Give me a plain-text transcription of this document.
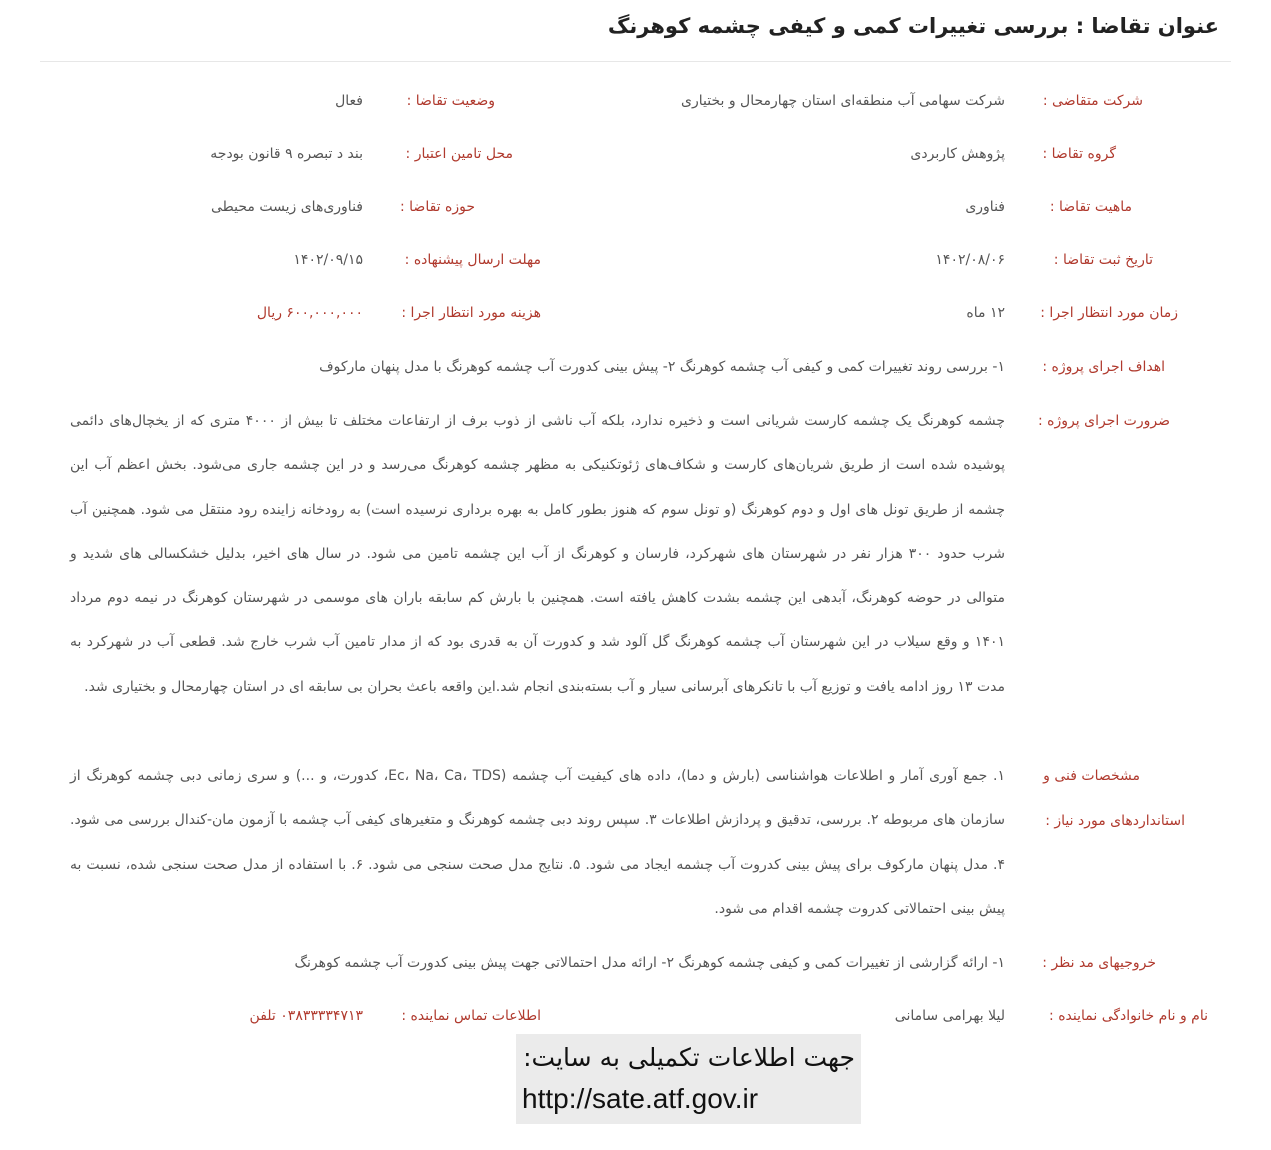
عنوان تقاضا : بررسی تغییرات کمی و کیفی چشمه کوهرنگ
شرکت متقاضی :
شرکت سهامی آب منطقه‌ای استان چهارمحال و بختیاری
وضعیت تقاضا :
فعال
گروه تقاضا :
پژوهش کاربردی
محل تامین اعتبار :
بند د تبصره ۹ قانون بودجه
ماهیت تقاضا :
فناوری
حوزه تقاضا :
فناوری‌های زیست محیطی
تاریخ ثبت تقاضا :
۱۴۰۲/۰۸/۰۶
مهلت ارسال پیشنهاده :
۱۴۰۲/۰۹/۱۵
زمان مورد انتظار اجرا :
۱۲ ماه
هزینه مورد انتظار اجرا :
۶۰۰,۰۰۰,۰۰۰ ریال
اهداف اجرای پروژه :
۱- بررسی روند تغییرات کمی و کیفی آب چشمه کوهرنگ ۲- پیش بینی کدورت آب چشمه کوهرنگ با مدل پنهان مارکوف
ضرورت اجرای پروژه :
چشمه کوهرنگ یک چشمه کارست شریانی است و ذخیره ندارد، بلکه آب ناشی از ذوب برف از ارتفاعات مختلف تا بیش از ۴۰۰۰ متری که از یخچال‌های دائمی پوشیده شده است از طریق شریان‌های کارست و شکاف‌های ژئوتکنیکی به مظهر چشمه کوهرنگ می‌رسد و در این چشمه جاری می‌شود. بخش اعظم آب این چشمه از طریق تونل های اول و دوم کوهرنگ (و تونل سوم که هنوز بطور کامل به بهره برداری نرسیده است) به رودخانه زاینده رود منتقل می شود. همچنین آب شرب حدود ۳۰۰ هزار نفر در شهرستان های شهرکرد، فارسان و کوهرنگ از آب این چشمه تامین می شود. در سال های اخیر، بدلیل خشکسالی های شدید و متوالی در حوضه کوهرنگ، آبدهی این چشمه بشدت کاهش یافته است. همچنین با بارش کم سابقه باران های موسمی در شهرستان کوهرنگ در نیمه دوم مرداد ۱۴۰۱ و وقع سیلاب در این شهرستان آب چشمه کوهرنگ گل آلود شد و کدورت آن به قدری بود که از مدار تامین آب شرب خارج شد. قطعی آب در شهرکرد به مدت ۱۳ روز ادامه یافت و توزیع آب با تانکرهای آبرسانی سیار و آب بسته‌بندی انجام شد.این واقعه باعث بحران بی سابقه ای در استان چهارمحال و بختیاری شد.
مشخصات فنی و
استانداردهای مورد نیاز :
۱. جمع آوری آمار و اطلاعات هواشناسی (بارش و دما)، داده های کیفیت آب چشمه (Ec، Na، Ca، TDS، کدورت، و ...) و سری زمانی دبی چشمه کوهرنگ از سازمان های مربوطه ۲. بررسی، تدقیق و پردازش اطلاعات ۳. سپس روند دبی چشمه کوهرنگ و متغیرهای کیفی آب چشمه با آزمون مان-کندال بررسی می شود. ۴. مدل پنهان مارکوف برای پیش بینی کدروت آب چشمه ایجاد می شود. ۵. نتایج مدل صحت سنجی می شود. ۶. با استفاده از مدل صحت سنجی شده، نسبت به پیش بینی احتمالاتی کدروت چشمه اقدام می شود.
خروجیهای مد نظر :
۱- ارائه گزارشی از تغییرات کمی و کیفی چشمه کوهرنگ ۲- ارائه مدل احتمالاتی جهت پیش بینی کدورت آب چشمه کوهرنگ
نام و نام خانوادگی نماینده :
لیلا بهرامی سامانی
اطلاعات تماس نماینده :
۰۳۸۳۳۳۳۴۷۱۳ تلفن
جهت اطلاعات تکمیلی به سایت:
http://sate.atf.gov.ir
